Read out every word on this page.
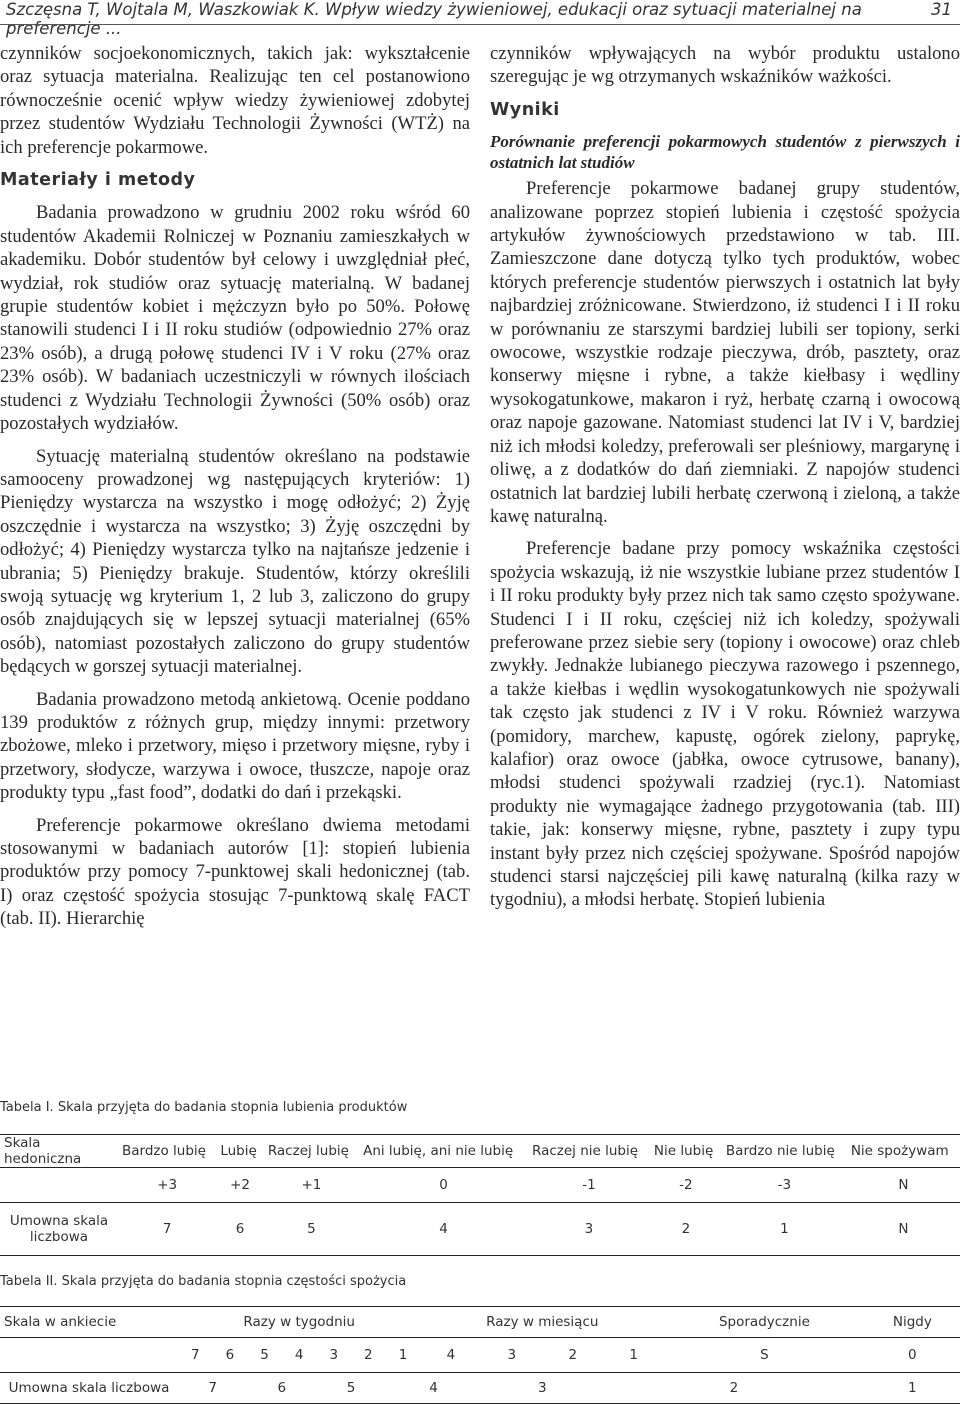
Szczęsna T, Wojtala M, Waszkowiak K. Wpływ wiedzy żywieniowej, edukacji oraz sytuacji materialnej na preferencje ...
31

czynników socjoekonomicznych, takich jak: wykształcenie oraz sytuacja materialna. Realizując ten cel postanowiono równocześnie ocenić wpływ wiedzy żywieniowej zdobytej przez studentów Wydziału Technologii Żywności (WTŻ) na ich preferencje pokarmowe.

Materiały i metody

Badania prowadzono w grudniu 2002 roku wśród 60 studentów Akademii Rolniczej w Poznaniu zamieszkałych w akademiku. Dobór studentów był celowy i uwzględniał płeć, wydział, rok studiów oraz sytuację materialną. W badanej grupie studentów kobiet i mężczyzn było po 50%. Połowę stanowili studenci I i II roku studiów (odpowiednio 27% oraz 23% osób), a drugą połowę studenci IV i V roku (27% oraz 23% osób). W badaniach uczestniczyli w równych ilościach studenci z Wydziału Technologii Żywności (50% osób) oraz pozostałych wydziałów.

Sytuację materialną studentów określano na podstawie samooceny prowadzonej wg następujących kryteriów: 1) Pieniędzy wystarcza na wszystko i mogę odłożyć; 2) Żyję oszczędnie i wystarcza na wszystko; 3) Żyję oszczędni by odłożyć; 4) Pieniędzy wystarcza tylko na najtańsze jedzenie i ubrania; 5) Pieniędzy brakuje. Studentów, którzy określili swoją sytuację wg kryterium 1, 2 lub 3, zaliczono do grupy osób znajdujących się w lepszej sytuacji materialnej (65% osób), natomiast pozostałych zaliczono do grupy studentów będących w gorszej sytuacji materialnej.

Badania prowadzono metodą ankietową. Ocenie poddano 139 produktów z różnych grup, między innymi: przetwory zbożowe, mleko i przetwory, mięso i przetwory mięsne, ryby i przetwory, słodycze, warzywa i owoce, tłuszcze, napoje oraz produkty typu „fast food”, dodatki do dań i przekąski.

Preferencje pokarmowe określano dwiema metodami stosowanymi w badaniach autorów [1]: stopień lubienia produktów przy pomocy 7-punktowej skali hedonicznej (tab. I) oraz częstość spożycia stosując 7-punktową skalę FACT (tab. II). Hierarchię

czynników wpływających na wybór produktu ustalono szeregując je wg otrzymanych wskaźników ważkości.

Wyniki
Porównanie preferencji pokarmowych studentów z pierwszych i ostatnich lat studiów

Preferencje pokarmowe badanej grupy studentów, analizowane poprzez stopień lubienia i częstość spożycia artykułów żywnościowych przedstawiono w tab. III. Zamieszczone dane dotyczą tylko tych produktów, wobec których preferencje studentów pierwszych i ostatnich lat były najbardziej zróżnicowane. Stwierdzono, iż studenci I i II roku w porównaniu ze starszymi bardziej lubili ser topiony, serki owocowe, wszystkie rodzaje pieczywa, drób, pasztety, oraz konserwy mięsne i rybne, a także kiełbasy i wędliny wysokogatunkowe, makaron i ryż, herbatę czarną i owocową oraz napoje gazowane. Natomiast studenci lat IV i V, bardziej niż ich młodsi koledzy, preferowali ser pleśniowy, margarynę i oliwę, a z dodatków do dań ziemniaki. Z napojów studenci ostatnich lat bardziej lubili herbatę czerwoną i zieloną, a także kawę naturalną.

Preferencje badane przy pomocy wskaźnika częstości spożycia wskazują, iż nie wszystkie lubiane przez studentów I i II roku produkty były przez nich tak samo często spożywane. Studenci I i II roku, częściej niż ich koledzy, spożywali preferowane przez siebie sery (topiony i owocowe) oraz chleb zwykły. Jednakże lubianego pieczywa razowego i pszennego, a także kiełbas i wędlin wysokogatunkowych nie spożywali tak często jak studenci z IV i V roku. Również warzywa (pomidory, marchew, kapustę, ogórek zielony, paprykę, kalafior) oraz owoce (jabłka, owoce cytrusowe, banany), młodsi studenci spożywali rzadziej (ryc.1). Natomiast produkty nie wymagające żadnego przygotowania (tab. III) takie, jak: konserwy mięsne, rybne, pasztety i zupy typu instant były przez nich częściej spożywane. Spośród napojów studenci starsi najczęściej pili kawę naturalną (kilka razy w tygodniu), a młodsi herbatę. Stopień lubienia

Tabela I. Skala przyjęta do badania stopnia lubienia produktów
Skala hedoniczna	Bardzo lubię	Lubię	Raczej lubię	Ani lubię, ani nie lubię	Raczej nie lubię	Nie lubię	Bardzo nie lubię	Nie spożywam
	+3	+2	+1	0	-1	-2	-3	N
Umowna skala liczbowa	7	6	5	4	3	2	1	N
Tabela II. Skala przyjęta do badania stopnia częstości spożycia
Skala w ankiecie	Razy w tygodniu							Razy w miesiącu				Sporadycznie	Nigdy
	7	6	5	4	3	2	1	4	3	2	1	S	0
Umowna skala liczbowa	7		6		5		4		3		2		1
